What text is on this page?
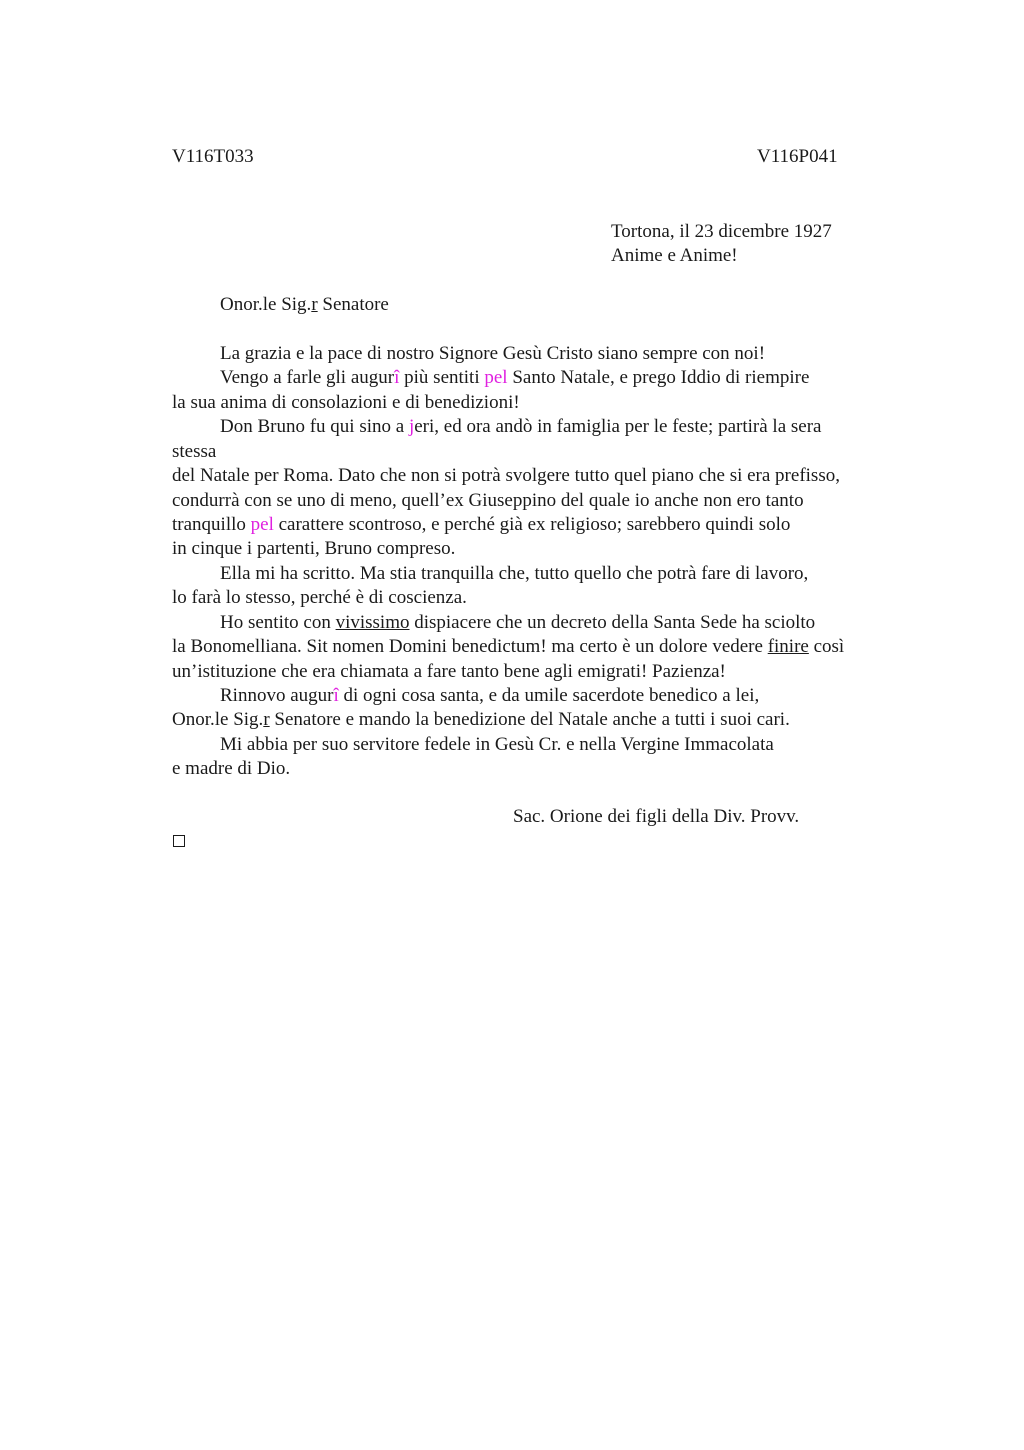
V116T033	V116P041
Tortona, il 23 dicembre 1927
Anime e Anime!
Onor.le Sig.r Senatore
La grazia e la pace di nostro Signore Gesù Cristo siano sempre con noi!
Vengo a farle gli augurî più sentiti pel Santo Natale, e prego Iddio di riempire
la sua anima di consolazioni e di benedizioni!
Don Bruno fu qui sino a jeri, ed ora andò in famiglia per le feste; partirà la sera
stessa
del Natale per Roma. Dato che non si potrà svolgere tutto quel piano che si era prefisso,
condurrà con se uno di meno, quell’ex Giuseppino del quale io anche non ero tanto
tranquillo pel carattere scontroso, e perché già ex religioso; sarebbero quindi solo
in cinque i partenti, Bruno compreso.
Ella mi ha scritto. Ma stia tranquilla che, tutto quello che potrà fare di lavoro,
lo farà lo stesso, perché è di coscienza.
Ho sentito con vivissimo dispiacere che un decreto della Santa Sede ha sciolto
la Bonomelliana. Sit nomen Domini benedictum! ma certo è un dolore vedere finire così
un’istituzione che era chiamata a fare tanto bene agli emigrati! Pazienza!
Rinnovo augurî di ogni cosa santa, e da umile sacerdote benedico a lei,
Onor.le Sig.r Senatore e mando la benedizione del Natale anche a tutti i suoi cari.
Mi abbia per suo servitore fedele in Gesù Cr. e nella Vergine Immacolata
e madre di Dio.
Sac. Orione dei figli della Div. Provv.
